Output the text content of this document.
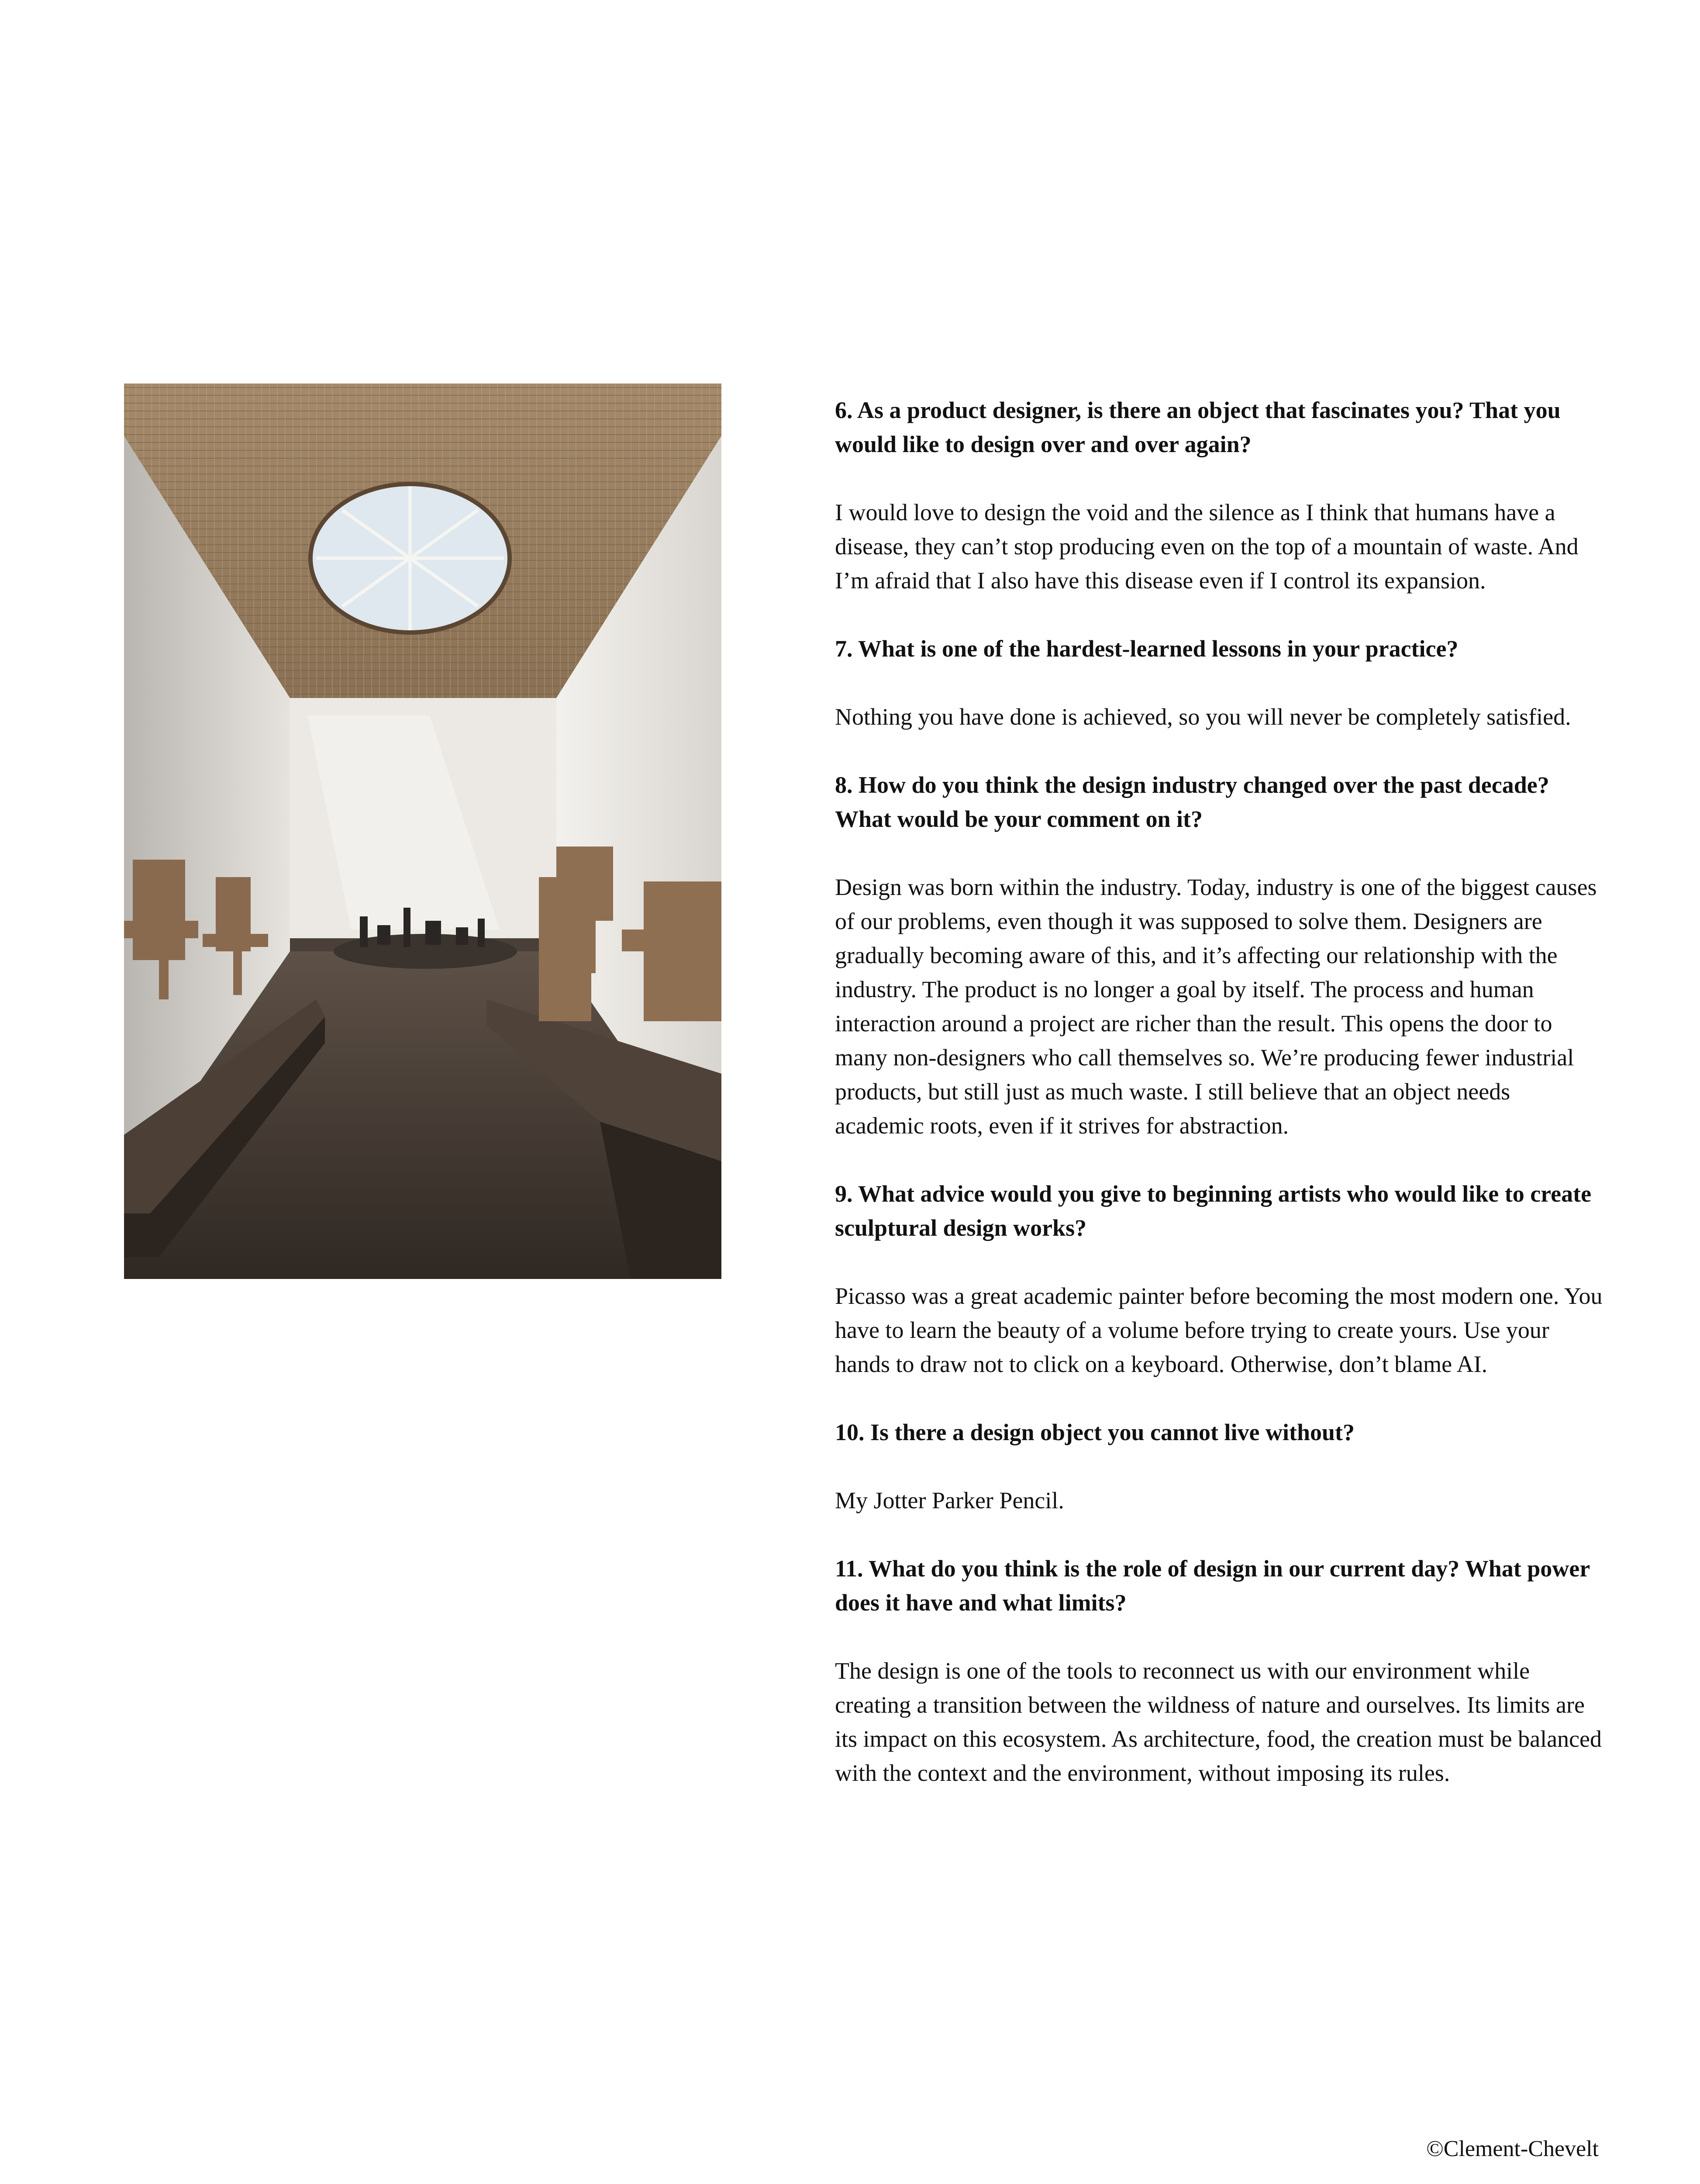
6. As a product designer, is there an object that fascinates you? That you would like to design over and over again?

I would love to design the void and the silence as I think that humans have a disease, they can’t stop producing even on the top of a mountain of waste. And I’m afraid that I also have this disease even if I control its expansion.

7. What is one of the hardest-learned lessons in your practice?

Nothing you have done is achieved, so you will never be completely satisfied.

8. How do you think the design industry changed over the past decade? What would be your comment on it?

Design was born within the industry. Today, industry is one of the biggest causes of our problems, even though it was supposed to solve them. Designers are gradually becoming aware of this, and it’s affecting our relationship with the industry. The product is no longer a goal by itself. The process and human interaction around a project are richer than the result. This opens the door to many non-designers who call themselves so. We’re producing fewer industrial products, but still just as much waste. I still believe that an object needs academic roots, even if it strives for abstraction.

9. What advice would you give to beginning artists who would like to create sculptural design works?

Picasso was a great academic painter before becoming the most modern one. You have to learn the beauty of a volume before trying to create yours. Use your hands to draw not to click on a keyboard. Otherwise, don’t blame AI.

10. Is there a design object you cannot live without?

My Jotter Parker Pencil.

11. What do you think is the role of design in our current day? What power does it have and what limits?

The design is one of the tools to reconnect us with our environment while creating a transition between the wildness of nature and ourselves. Its limits are its impact on this ecosystem. As architecture, food, the creation must be balanced with the context and the environment, without imposing its rules.

©Clement-Chevelt
